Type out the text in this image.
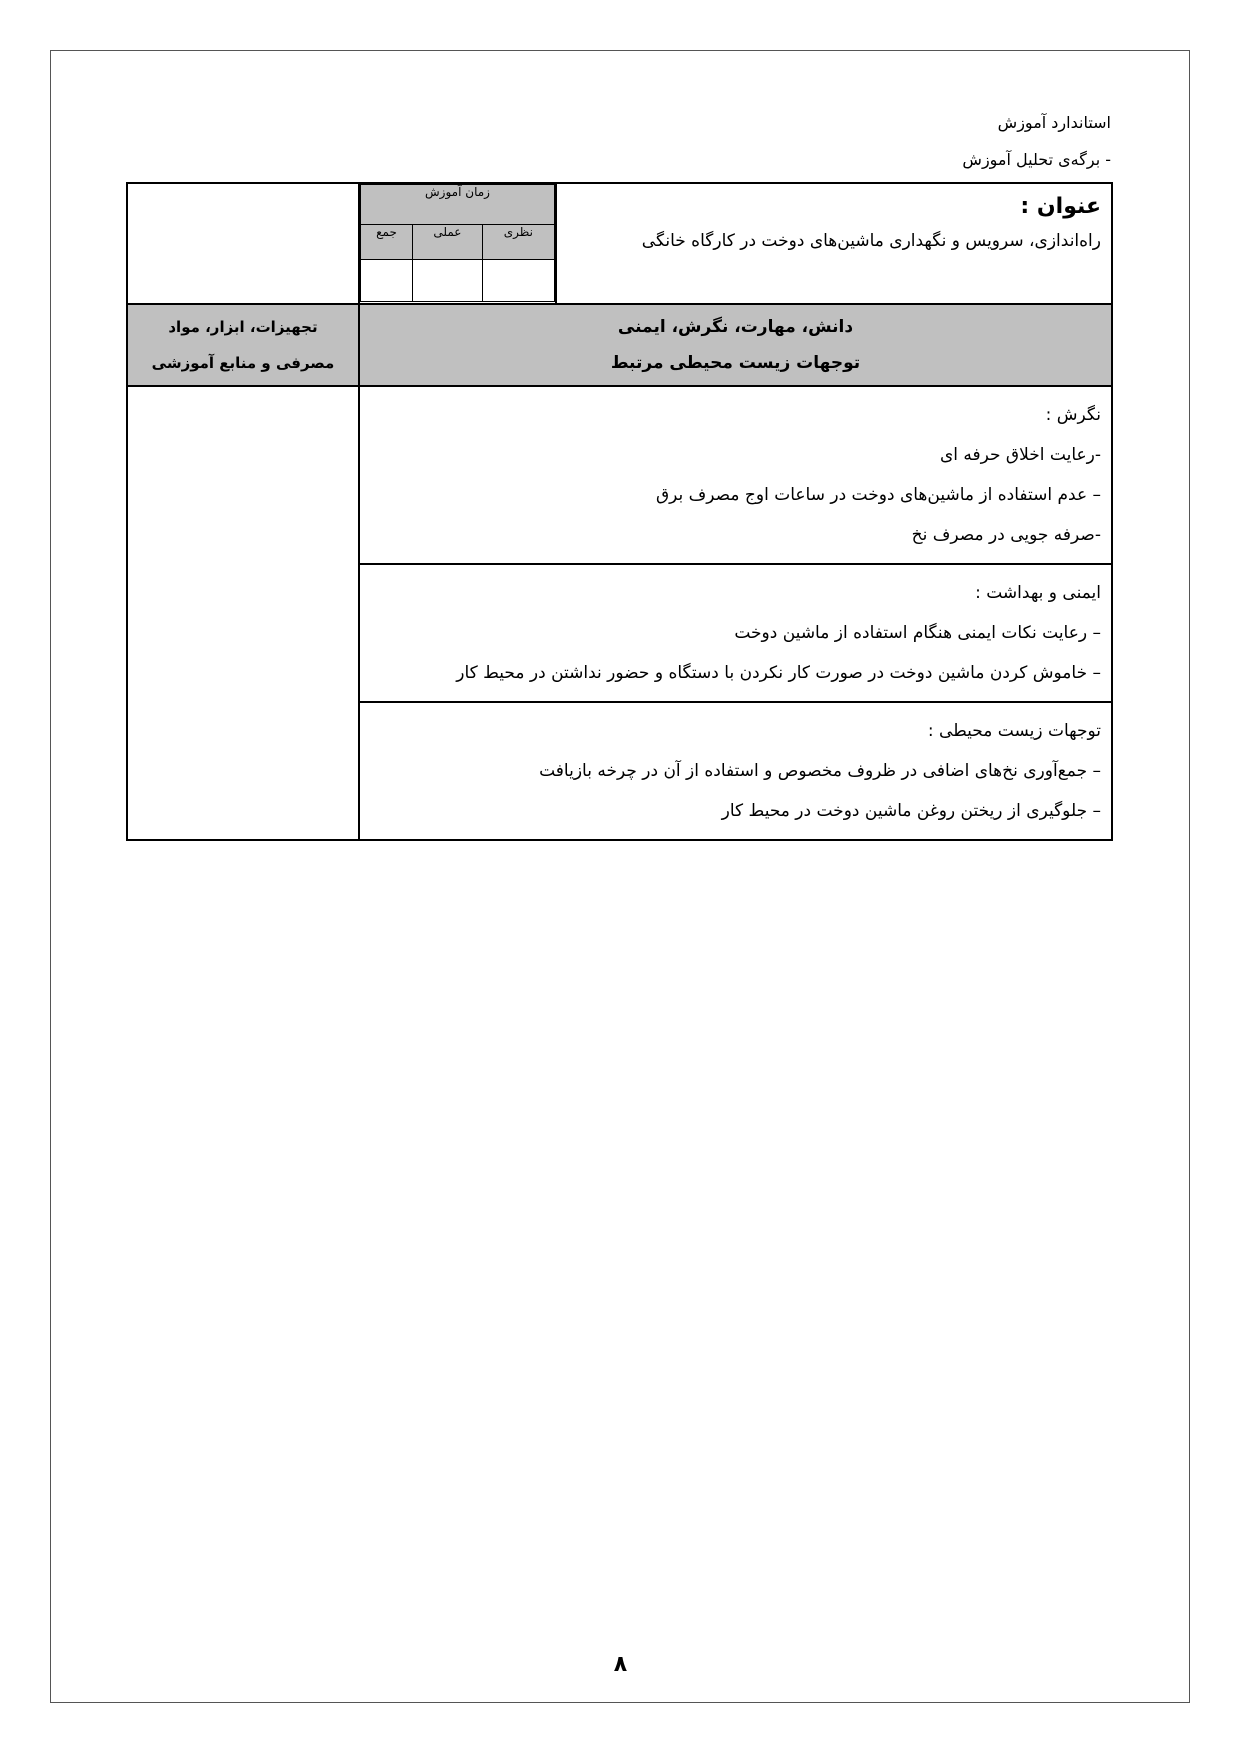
استاندارد آموزش
- برگه‌ی تحلیل آموزش
عنوان :
راه‌اندازی، سرویس و نگهداری ماشین‌های دوخت در کارگاه خانگی

زمان آموزش
نظری	عملی	جمع

دانش، مهارت، نگرش، ایمنی
توجهات زیست محیطی مرتبط

تجهیزات، ابزار، مواد
مصرفی و منابع آموزشی

نگرش :
-رعایت اخلاق حرفه ای
– عدم استفاده از ماشین‌های دوخت در ساعات اوج مصرف برق
-صرفه جویی در مصرف نخ

ایمنی و بهداشت :
– رعایت نکات ایمنی هنگام استفاده از ماشین دوخت
– خاموش کردن ماشین دوخت در صورت کار نکردن با دستگاه و حضور نداشتن در محیط کار

توجهات زیست محیطی :
– جمع‌آوری نخ‌های اضافی در ظروف مخصوص و استفاده از آن در چرخه بازیافت
– جلوگیری از ریختن روغن ماشین دوخت در محیط کار
۸
